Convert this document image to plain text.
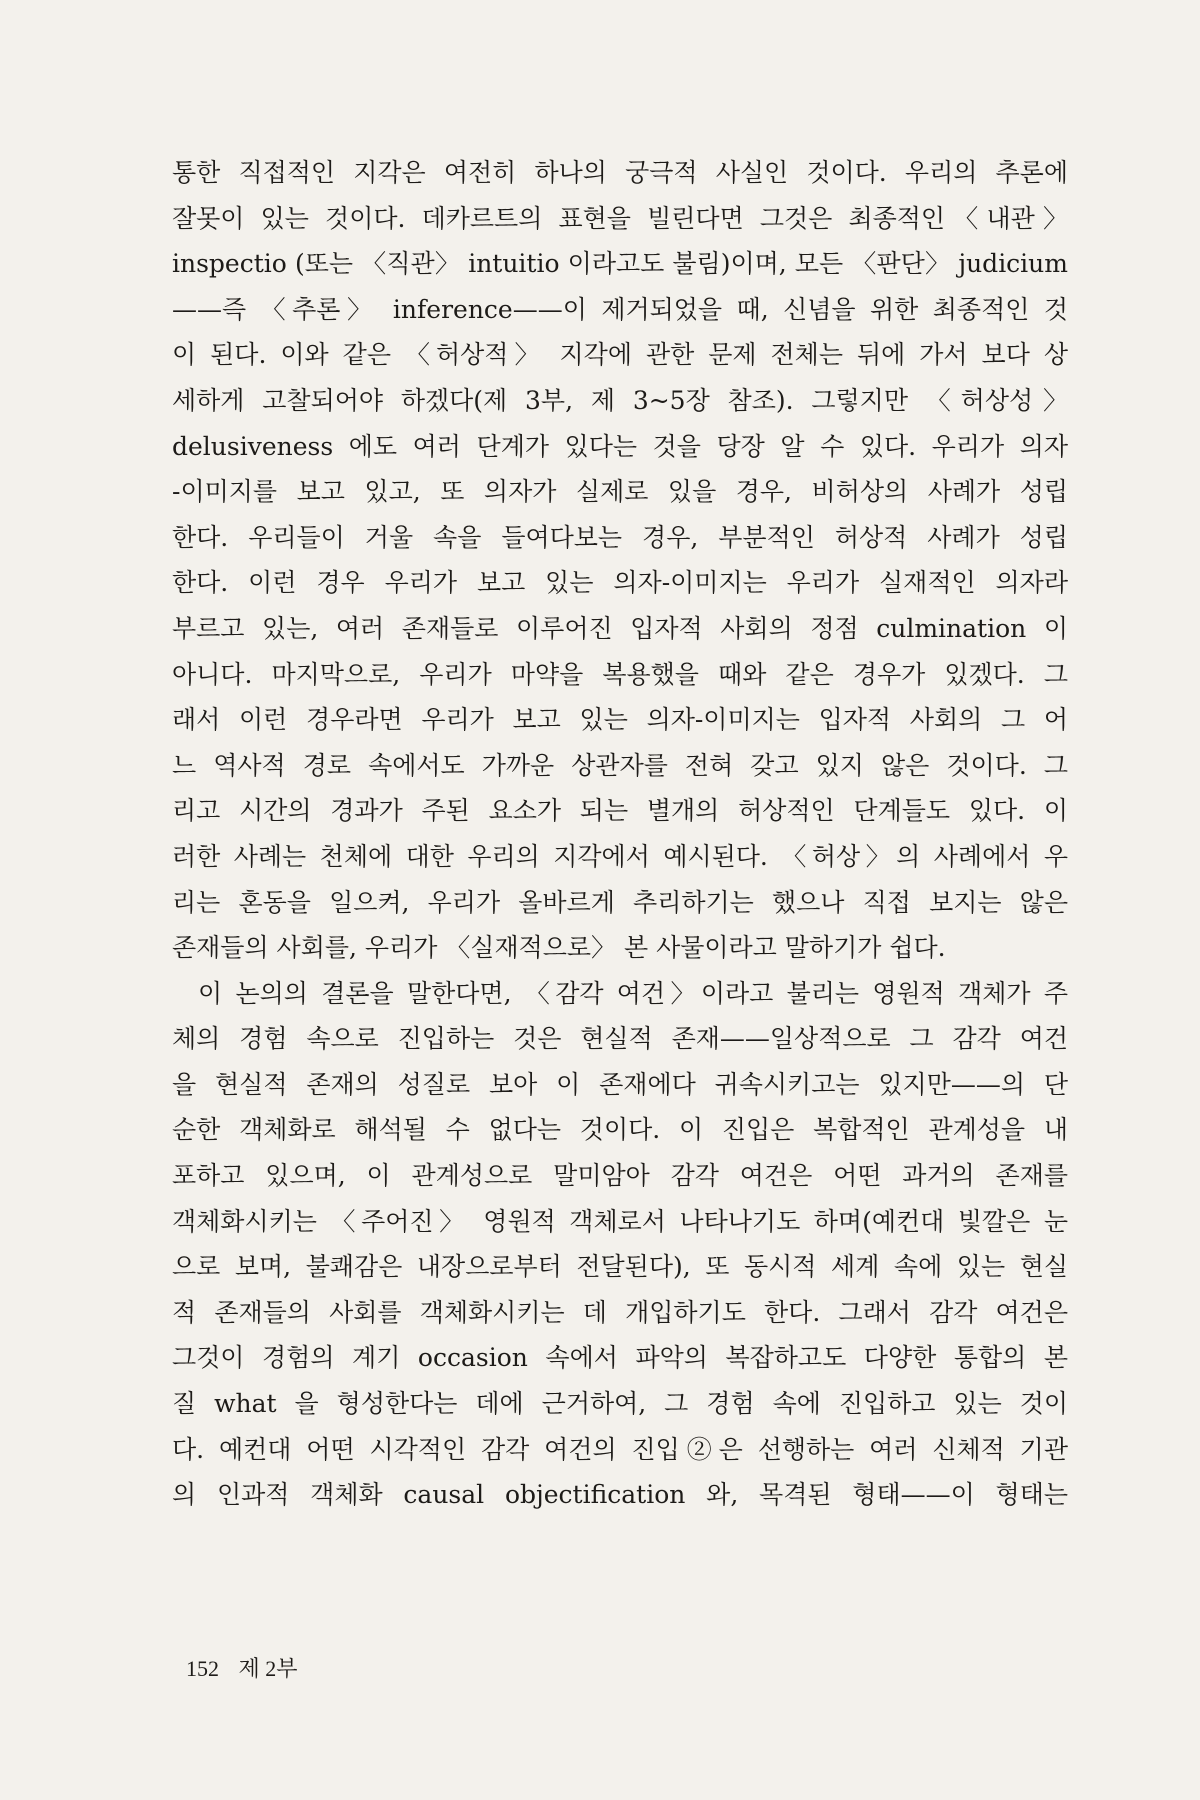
통한 직접적인 지각은 여전히 하나의 궁극적 사실인 것이다. 우리의 추론에
잘못이 있는 것이다. 데카르트의 표현을 빌린다면 그것은 최종적인〈내관〉
inspectio (또는 〈직관〉 intuitio 이라고도 불림)이며, 모든 〈판단〉 judicium
——즉 〈추론〉 inference——이 제거되었을 때, 신념을 위한 최종적인 것
이 된다. 이와 같은 〈허상적〉 지각에 관한 문제 전체는 뒤에 가서 보다 상
세하게 고찰되어야 하겠다(제 3부, 제 3~5장 참조). 그렇지만 〈허상성〉
delusiveness 에도 여러 단계가 있다는 것을 당장 알 수 있다. 우리가 의자
-이미지를 보고 있고, 또 의자가 실제로 있을 경우, 비허상의 사례가 성립
한다. 우리들이 거울 속을 들여다보는 경우, 부분적인 허상적 사례가 성립
한다. 이런 경우 우리가 보고 있는 의자-이미지는 우리가 실재적인 의자라
부르고 있는, 여러 존재들로 이루어진 입자적 사회의 정점 culmination 이
아니다. 마지막으로, 우리가 마약을 복용했을 때와 같은 경우가 있겠다. 그
래서 이런 경우라면 우리가 보고 있는 의자-이미지는 입자적 사회의 그 어
느 역사적 경로 속에서도 가까운 상관자를 전혀 갖고 있지 않은 것이다. 그
리고 시간의 경과가 주된 요소가 되는 별개의 허상적인 단계들도 있다. 이
러한 사례는 천체에 대한 우리의 지각에서 예시된다. 〈허상〉의 사례에서 우
리는 혼동을 일으켜, 우리가 올바르게 추리하기는 했으나 직접 보지는 않은
존재들의 사회를, 우리가 〈실재적으로〉 본 사물이라고 말하기가 쉽다.
이 논의의 결론을 말한다면, 〈감각 여건〉이라고 불리는 영원적 객체가 주
체의 경험 속으로 진입하는 것은 현실적 존재——일상적으로 그 감각 여건
을 현실적 존재의 성질로 보아 이 존재에다 귀속시키고는 있지만——의 단
순한 객체화로 해석될 수 없다는 것이다. 이 진입은 복합적인 관계성을 내
포하고 있으며, 이 관계성으로 말미암아 감각 여건은 어떤 과거의 존재를
객체화시키는 〈주어진〉 영원적 객체로서 나타나기도 하며(예컨대 빛깔은 눈
으로 보며, 불쾌감은 내장으로부터 전달된다), 또 동시적 세계 속에 있는 현실
적 존재들의 사회를 객체화시키는 데 개입하기도 한다. 그래서 감각 여건은
그것이 경험의 계기 occasion 속에서 파악의 복잡하고도 다양한 통합의 본
질 what 을 형성한다는 데에 근거하여, 그 경험 속에 진입하고 있는 것이
다. 예컨대 어떤 시각적인 감각 여건의 진입②은 선행하는 여러 신체적 기관
의 인과적 객체화 causal objectification 와, 목격된 형태——이 형태는
152 제 2부
